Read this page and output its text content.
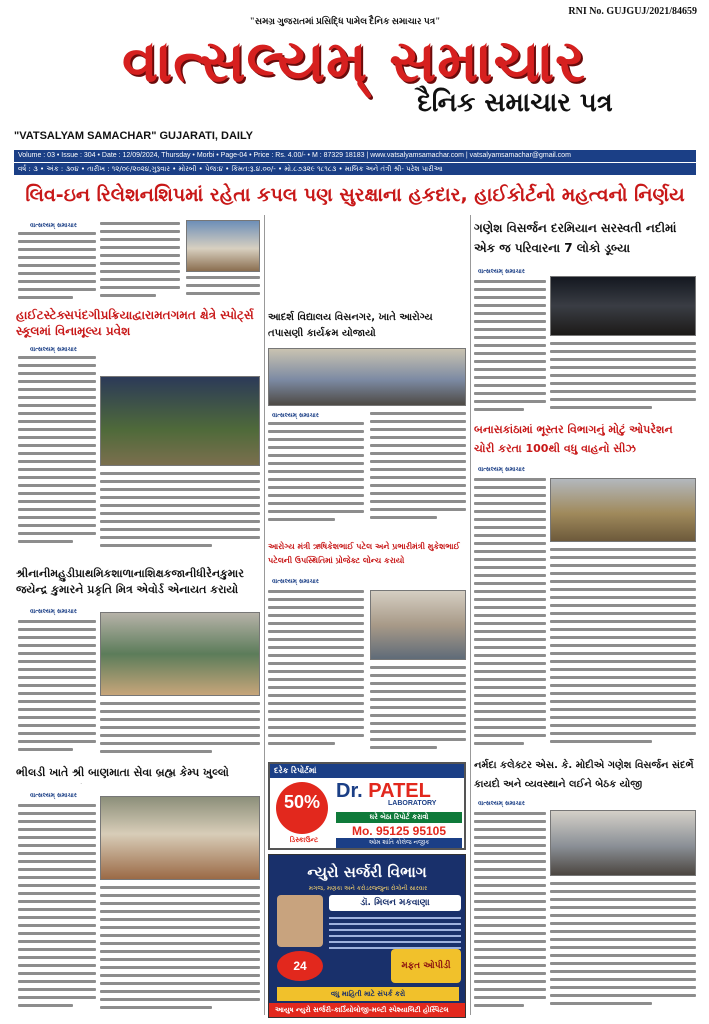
RNI No. GUJGUJ/2021/84659
"સમગ્ર ગુજરાતમાં પ્રસિદ્ધિ પામેલ દૈનિક સમાચાર પત્ર"
વાત્સલ્યમ્ સમાચાર
દૈનિક સમાચાર પત્ર
"VATSALYAM SAMACHAR" GUJARATI, DAILY
Volume : 03 • Issue : 304 • Date : 12/09/2024, Thursday • Morbi • Page-04 • Price : Rs. 4.00/- • M : 87329 18183 | www.vatsalyamsamachar.com | vatsalyamsamachar@gmail.com
વર્ષ : ૩ • અંક : ૩૦૪ • તારીખ : ૧૨/૦૯/૨૦૨૪,ગુરૂવાર • મોરબી • પેજ:૪ • કિંમત:રૂ.૪.૦૦/- • મો.૮૭૩૨૯ ૧૮૧૮૩ • માલિક અને તંત્રી શ્રી- પરેશ પારીઆ
લિવ-ઇન રિલેશનશિપમાં રહેતા કપલ પણ સુરક્ષાના હકદાર, હાઈકોર્ટનો મહત્વનો નિર્ણય
વાત્સલ્યમ્ સમાચાર
હાઈટસ્ટેક્સપંદગીપ્રક્રિયાદ્વારામતગમત ક્ષેત્રે સ્પોર્ટ્સ સ્કૂલમાં વિનામૂલ્ય પ્રવેશ
વાત્સલ્યમ્ સમાચાર
શ્રીનાનીમહુડીપ્રાથમિકશાળાનાશિક્ષકજાનીધીરેનકુમાર જયેન્દ્ર કુમારને પ્રકૃતિ મિત્ર એવોર્ડ એનાયત કરાયો
વાત્સલ્યમ્ સમાચાર
ભીલડી ખાતે શ્રી બાણમાતા સેવા બ્રહ્મ કેમ્પ ખુલ્લો
વાત્સલ્યમ્ સમાચાર
આદર્શ વિદ્યાલય વિસનગર, ખાતે આરોગ્ય તપાસણી કાર્યક્રમ યોજાયો
વાત્સલ્યમ્ સમાચાર
આરોગ્ય મંત્રી ઋષિકેશભાઈ પટેલ અને પ્રભારીમંત્રી મુકેશભાઈ પટેલની ઉપસ્થિતિમાં પ્રોજેક્ટ લોન્ચ કરાયો
વાત્સલ્યમ્ સમાચાર
દરેક રિપોર્ટમાં
50%
ડિસ્કાઉન્ટ
Dr. PATEL
LABORATORY
ઘરે બેઠા રિપોર્ટ કરાવો
Mo. 95125 95105
ઓમ શાંતિ કોલેજ નજીક
ન્યુરો સર્જરી વિભાગ
મગજ, મણકા અને કરોડરજ્જુના રોગોની સારવાર
ડૉ. મિલન મકવાણા
24	મફત ઓપીડી
વધુ માહિતી માટે સંપર્ક કરો
આયુષ ન્યુરો સર્જરી-કાર્ડિયોલોજી-મલ્ટી સ્પેશ્યાલિટી હોસ્પિટલ
ગણેશ વિસર્જન દરમિયાન સરસ્વતી નદીમાં એક જ પરિવારના 7 લોકો ડૂબ્યા
વાત્સલ્યમ્ સમાચાર
બનાસકાંઠામાં ભૂસ્તર વિભાગનું મોટું ઓપરેશન ચોરી કરતા 100થી વધુ વાહનો સીઝ
વાત્સલ્યમ્ સમાચાર
નર્મદા કલેક્ટર એસ. કે. મોદીએ ગણેશ વિસર્જન સંદર્ભે કાયદો અને વ્યવસ્થાને લઈને બેઠક યોજી
વાત્સલ્યમ્ સમાચાર
